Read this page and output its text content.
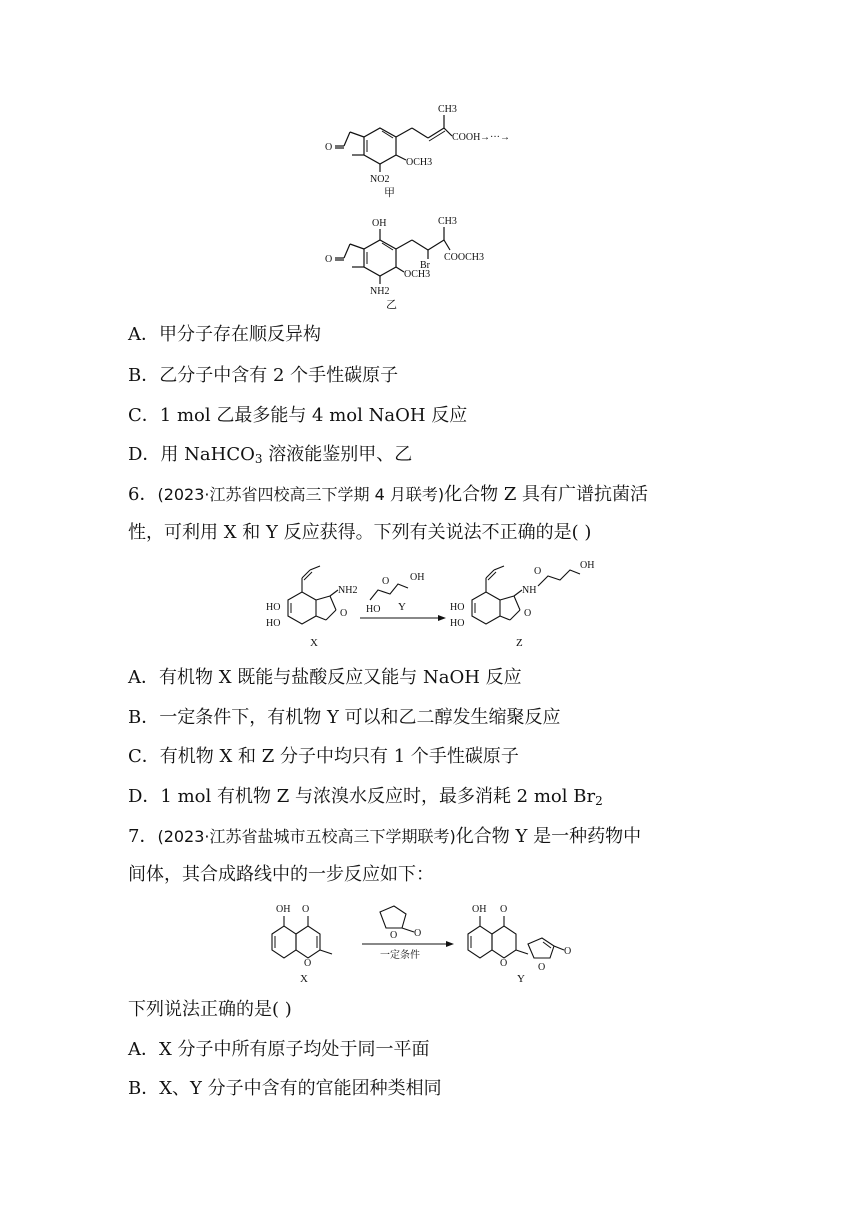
O
CH3
COOH →···→
OCH3
NO2
甲
OH
O
CH3
Br
COOCH3
OCH3
NH2
乙
A．甲分子存在顺反异构
B．乙分子中含有 2 个手性碳原子
C．1 mol 乙最多能与 4 mol NaOH 反应
D．用 NaHCO$_3$ 溶液能鉴别甲、乙
6．(2023·江苏省四校高三下学期 4 月联考)化合物 Z 具有广谱抗菌活
性，可利用 X 和 Y 反应获得。下列有关说法不正确的是( )
NH2
O
HO
HO
X
HO
OH
O
Y
NH
O
OH
O
HO
HO
Z
A．有机物 X 既能与盐酸反应又能与 NaOH 反应
B．一定条件下，有机物 Y 可以和乙二醇发生缩聚反应
C．有机物 X 和 Z 分子中均只有 1 个手性碳原子
D．1 mol 有机物 Z 与浓溴水反应时，最多消耗 2 mol $Br_2$
7．(2023·江苏省盐城市五校高三下学期联考)化合物 Y 是一种药物中
间体，其合成路线中的一步反应如下：
OH O
O
X
O O
一定条件
OH O
O	O
O
Y
下列说法正确的是( )
A．X 分子中所有原子均处于同一平面
B．X、Y 分子中含有的官能团种类相同
